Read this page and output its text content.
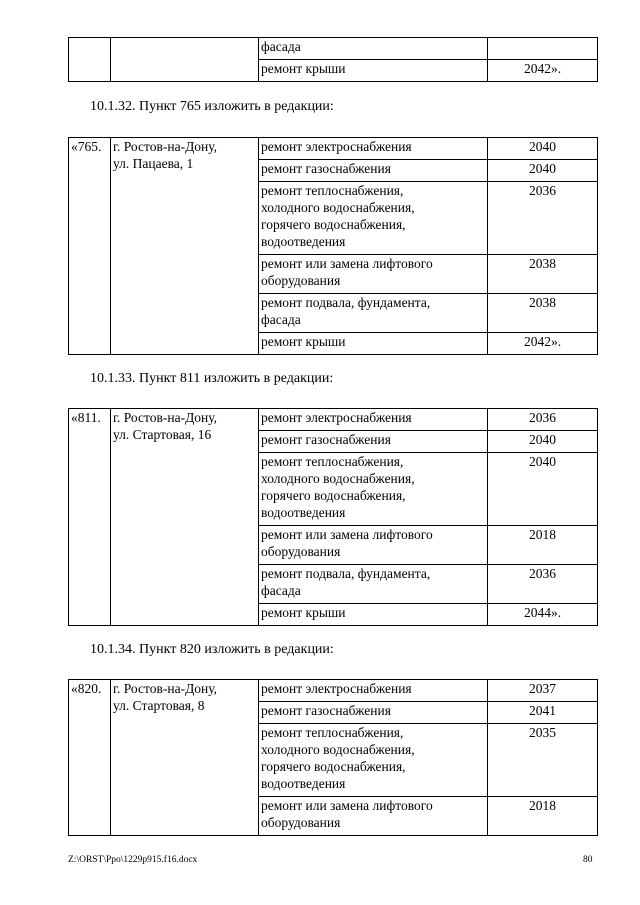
		фасада	
		ремонт крыши	2042».
10.1.32. Пункт 765 изложить в редакции:
«765.	г. Ростов-на-Дону,
ул. Пацаева, 1	ремонт электроснабжения	2040
		ремонт газоснабжения	2040
		ремонт теплоснабжения,
холодного водоснабжения,
горячего водоснабжения,
водоотведения	2036
		ремонт или замена лифтового
оборудования	2038
		ремонт подвала, фундамента,
фасада	2038
		ремонт крыши	2042».
10.1.33. Пункт 811 изложить в редакции:
«811.	г. Ростов-на-Дону,
ул. Стартовая, 16	ремонт электроснабжения	2036
		ремонт газоснабжения	2040
		ремонт теплоснабжения,
холодного водоснабжения,
горячего водоснабжения,
водоотведения	2040
		ремонт или замена лифтового
оборудования	2018
		ремонт подвала, фундамента,
фасада	2036
		ремонт крыши	2044».
10.1.34. Пункт 820 изложить в редакции:
«820.	г. Ростов-на-Дону,
ул. Стартовая, 8	ремонт электроснабжения	2037
		ремонт газоснабжения	2041
		ремонт теплоснабжения,
холодного водоснабжения,
горячего водоснабжения,
водоотведения	2035
		ремонт или замена лифтового
оборудования	2018
Z:\ORST\Ppo\1229p915.f16.docx	80
